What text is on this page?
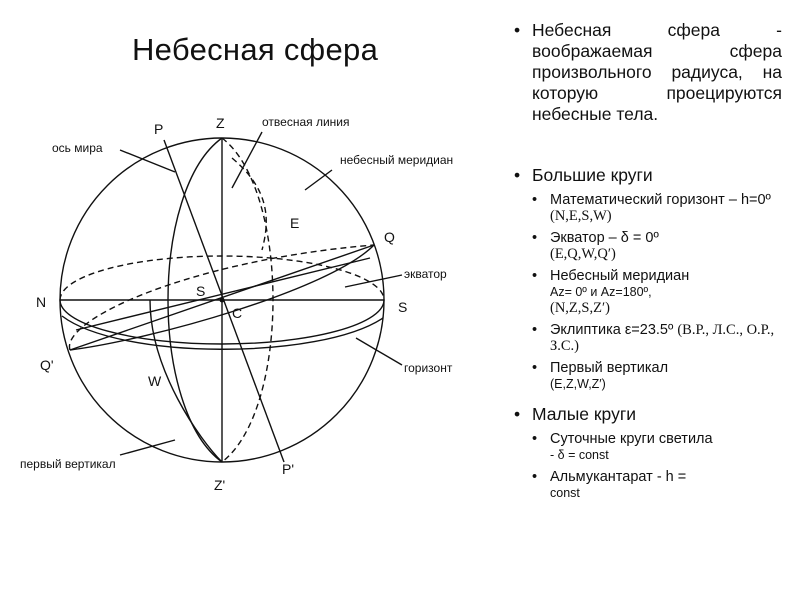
Небесная сфера
P	Z
E
Q
N	S
C
S
Q'
W
Z'
P'
отвесная линия
ось мира
небесный меридиан
экватор
горизонт
первый вертикал
• Небесная сфера - воображаемая сфера произвольного радиуса, на которую проецируются небесные тела.
• Большие круги
• Математический горизонт – h=0º
(N,E,S,W)
• Экватор – δ = 0º
(E,Q,W,Q′)
• Небесный меридиан
Az= 0º и Az=180º,
(N,Z,S,Z′)
• Эклиптика ε=23.5º (В.Р., Л.С., О.Р., З.С.)
• Первый вертикал
(E,Z,W,Z′)
• Малые круги
• Суточные круги светила
- δ = const
• Альмукантарат - h =
const
